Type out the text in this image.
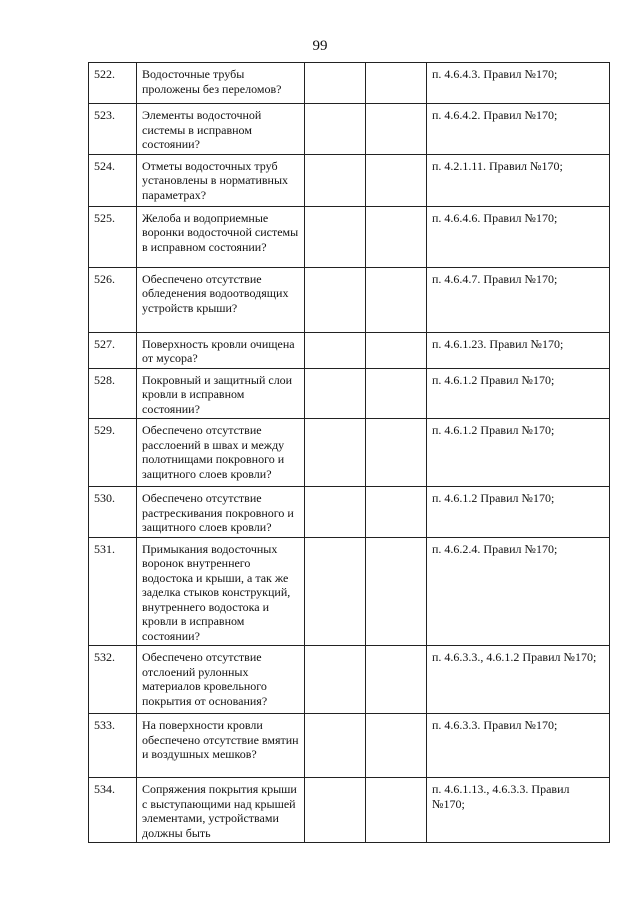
99
522.	Водосточные трубы проложены без переломов?			п. 4.6.4.3. Правил №170;
523.	Элементы водосточной системы в исправном состоянии?			п. 4.6.4.2. Правил №170;
524.	Отметы водосточных труб установлены в нормативных параметрах?			п. 4.2.1.11. Правил №170;
525.	Желоба и водоприемные воронки водосточной системы в исправном состоянии?			п. 4.6.4.6. Правил №170;
526.	Обеспечено отсутствие обледенения водоотводящих устройств крыши?			п. 4.6.4.7. Правил №170;
527.	Поверхность кровли очищена от мусора?			п. 4.6.1.23. Правил №170;
528.	Покровный и защитный слои кровли в исправном состоянии?			п. 4.6.1.2 Правил №170;
529.	Обеспечено отсутствие расслоений в швах и между полотнищами покровного и защитного слоев кровли?			п. 4.6.1.2 Правил №170;
530.	Обеспечено отсутствие растрескивания покровного и защитного слоев кровли?			п. 4.6.1.2 Правил №170;
531.	Примыкания водосточных воронок внутреннего водостока и крыши, а так же заделка стыков конструкций, внутреннего водостока и кровли в исправном состоянии?			п. 4.6.2.4. Правил №170;
532.	Обеспечено отсутствие отслоений рулонных материалов кровельного покрытия от основания?			п. 4.6.3.3., 4.6.1.2 Правил №170;
533.	На поверхности кровли обеспечено отсутствие вмятин и воздушных мешков?			п. 4.6.3.3. Правил №170;
534.	Сопряжения покрытия крыши с выступающими над крышей элементами, устройствами должны быть			п. 4.6.1.13., 4.6.3.3. Правил №170;
